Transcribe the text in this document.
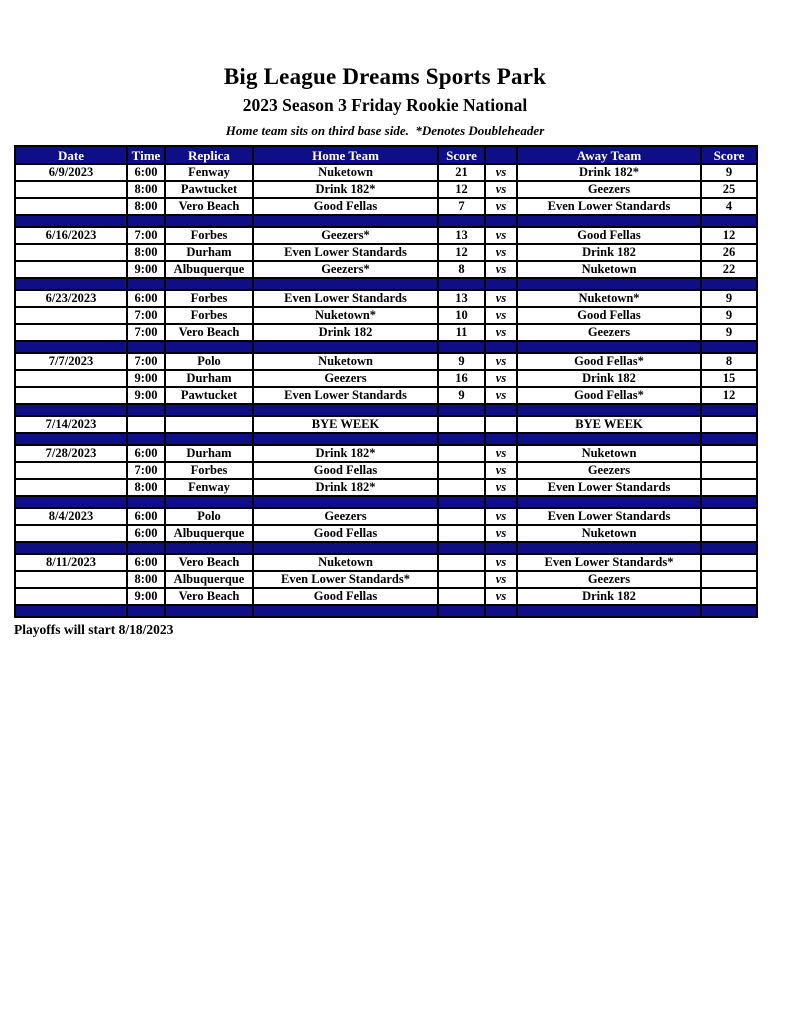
Big League Dreams Sports Park
2023 Season 3 Friday Rookie National
Home team sits on third base side.  *Denotes Doubleheader
Date	Time	Replica	Home Team	Score		Away Team	Score
6/9/2023	6:00	Fenway	Nuketown	21	vs	Drink 182*	9
	8:00	Pawtucket	Drink 182*	12	vs	Geezers	25
	8:00	Vero Beach	Good Fellas	7	vs	Even Lower Standards	4

6/16/2023	7:00	Forbes	Geezers*	13	vs	Good Fellas	12
	8:00	Durham	Even Lower Standards	12	vs	Drink 182	26
	9:00	Albuquerque	Geezers*	8	vs	Nuketown	22

6/23/2023	6:00	Forbes	Even Lower Standards	13	vs	Nuketown*	9
	7:00	Forbes	Nuketown*	10	vs	Good Fellas	9
	7:00	Vero Beach	Drink 182	11	vs	Geezers	9

7/7/2023	7:00	Polo	Nuketown	9	vs	Good Fellas*	8
	9:00	Durham	Geezers	16	vs	Drink 182	15
	9:00	Pawtucket	Even Lower Standards	9	vs	Good Fellas*	12

7/14/2023			BYE WEEK			BYE WEEK	

7/28/2023	6:00	Durham	Drink 182*		vs	Nuketown	
	7:00	Forbes	Good Fellas		vs	Geezers	
	8:00	Fenway	Drink 182*		vs	Even Lower Standards	

8/4/2023	6:00	Polo	Geezers		vs	Even Lower Standards	
	6:00	Albuquerque	Good Fellas		vs	Nuketown	

8/11/2023	6:00	Vero Beach	Nuketown		vs	Even Lower Standards*	
	8:00	Albuquerque	Even Lower Standards*		vs	Geezers	
	9:00	Vero Beach	Good Fellas		vs	Drink 182	

Playoffs will start 8/18/2023
